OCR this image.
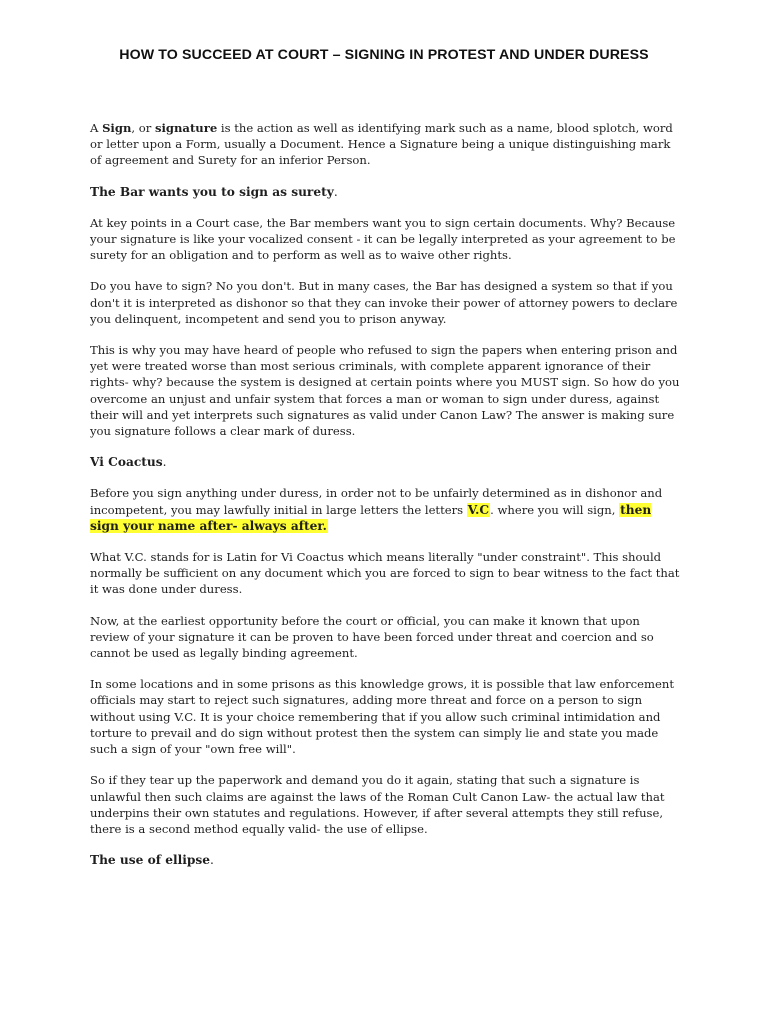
HOW TO SUCCEED AT COURT – SIGNING IN PROTEST AND UNDER DURESS

A Sign, or signature is the action as well as identifying mark such as a name, blood splotch, word or letter upon a Form, usually a Document. Hence a Signature being a unique distinguishing mark of agreement and Surety for an inferior Person.

The Bar wants you to sign as surety.

At key points in a Court case, the Bar members want you to sign certain documents. Why? Because your signature is like your vocalized consent - it can be legally interpreted as your agreement to be surety for an obligation and to perform as well as to waive other rights.

Do you have to sign? No you don't. But in many cases, the Bar has designed a system so that if you don't it is interpreted as dishonor so that they can invoke their power of attorney powers to declare you delinquent, incompetent and send you to prison anyway.

This is why you may have heard of people who refused to sign the papers when entering prison and yet were treated worse than most serious criminals, with complete apparent ignorance of their rights- why? because the system is designed at certain points where you MUST sign. So how do you overcome an unjust and unfair system that forces a man or woman to sign under duress, against their will and yet interprets such signatures as valid under Canon Law? The answer is making sure you signature follows a clear mark of duress.

Vi Coactus.

Before you sign anything under duress, in order not to be unfairly determined as in dishonor and incompetent, you may lawfully initial in large letters the letters V.C. where you will sign, then sign your name after- always after.

What V.C. stands for is Latin for Vi Coactus which means literally "under constraint". This should normally be sufficient on any document which you are forced to sign to bear witness to the fact that it was done under duress.

Now, at the earliest opportunity before the court or official, you can make it known that upon review of your signature it can be proven to have been forced under threat and coercion and so cannot be used as legally binding agreement.

In some locations and in some prisons as this knowledge grows, it is possible that law enforcement officials may start to reject such signatures, adding more threat and force on a person to sign without using V.C. It is your choice remembering that if you allow such criminal intimidation and torture to prevail and do sign without protest then the system can simply lie and state you made such a sign of your "own free will".

So if they tear up the paperwork and demand you do it again, stating that such a signature is unlawful then such claims are against the laws of the Roman Cult Canon Law- the actual law that underpins their own statutes and regulations. However, if after several attempts they still refuse, there is a second method equally valid- the use of ellipse.

The use of ellipse.
